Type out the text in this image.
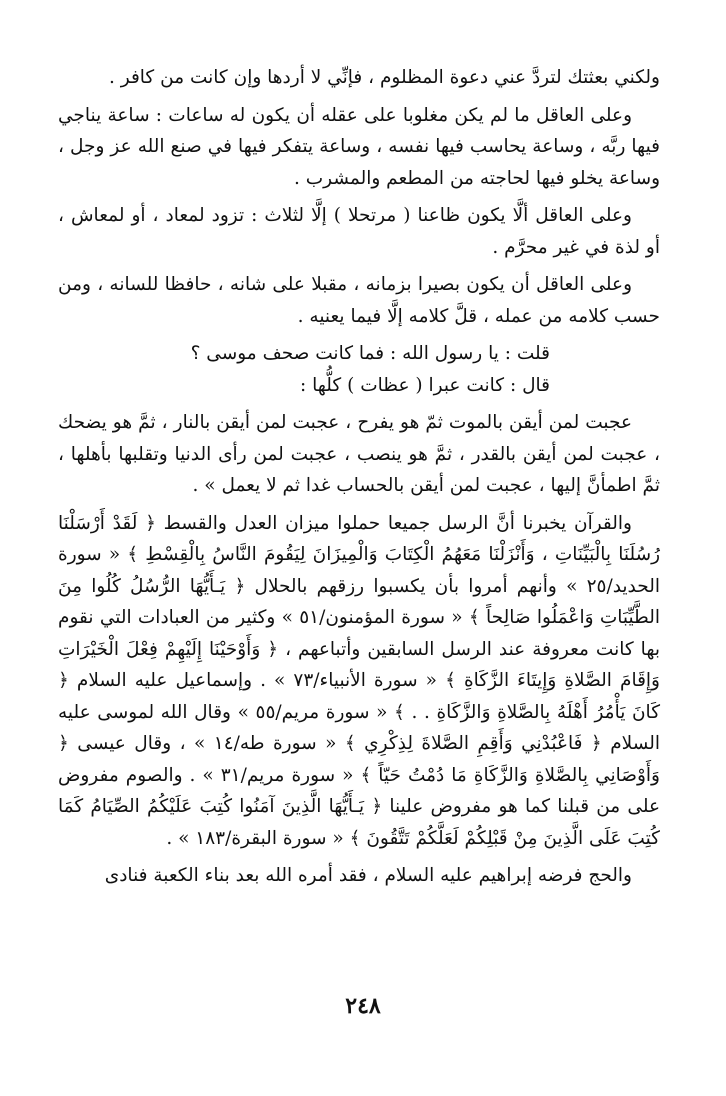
ولكني بعثتك لتردَّ عني دعوة المظلوم ، فإنِّي لا أردها وإن كانت من كافر .

وعلى العاقل ما لم يكن مغلوبا على عقله أن يكون له ساعات : ساعة يناجي فيها ربَّه ، وساعة يحاسب فيها نفسه ، وساعة يتفكر فيها في صنع الله عز وجل ، وساعة يخلو فيها لحاجته من المطعم والمشرب .

وعلى العاقل ألَّا يكون ظاعنا ( مرتحلا ) إلَّا لثلاث : تزود لمعاد ، أو لمعاش ، أو لذة في غير محرَّم .

وعلى العاقل أن يكون بصيرا بزمانه ، مقبلا على شانه ، حافظا للسانه ، ومن حسب كلامه من عمله ، قلَّ كلامه إلَّا فيما يعنيه .

قلت : يا رسول الله : فما كانت صحف موسى ؟

قال : كانت عبرا ( عظات ) كلُّها :

عجبت لمن أيقن بالموت ثمّ هو يفرح ، عجبت لمن أيقن بالنار ، ثمَّ هو يضحك ، عجبت لمن أيقن بالقدر ، ثمَّ هو ينصب ، عجبت لمن رأى الدنيا وتقلبها بأهلها ، ثمَّ اطمأنَّ إليها ، عجبت لمن أيقن بالحساب غدا ثم لا يعمل » .

والقرآن يخبرنا أنَّ الرسل جميعا حملوا ميزان العدل والقسط ﴿ لَقَدْ أَرْسَلْنَا رُسُلَنَا بِالْبَيِّنَاتِ ، وَأَنْزَلْنَا مَعَهُمُ الْكِتَابَ وَالْمِيزَانَ لِيَقُومَ النَّاسُ بِالْقِسْطِ ﴾ « سورة الحديد/٢٥ » وأنهم أمروا بأن يكسبوا رزقهم بالحلال ﴿ يَـأَيُّهَا الرُّسُلُ كُلُوا مِنَ الطَّيِّبَاتِ وَاعْمَلُوا صَالِحاً ﴾ « سورة المؤمنون/٥١ » وكثير من العبادات التي نقوم بها كانت معروفة عند الرسل السابقين وأتباعهم ، ﴿ وَأَوْحَيْنَا إِلَيْهِمْ فِعْلَ الْخَيْرَاتِ وَإِقَامَ الصَّلاةِ وَإِيتَاءَ الزَّكَاةِ ﴾ « سورة الأنبياء/٧٣ » . وإسماعيل عليه السلام ﴿ كَانَ يَأْمُرُ أَهْلَهُ بِالصَّلاةِ وَالزَّكَاةِ . . ﴾ « سورة مريم/٥٥ » وقال الله لموسى عليه السلام ﴿ فَاعْبُدْنِي وَأَقِمِ الصَّلاةَ لِذِكْرِي ﴾ « سورة طه/١٤ » ، وقال عيسى ﴿ وَأَوْصَانِي بِالصَّلاةِ وَالزَّكَاةِ مَا دُمْتُ حَيّاً ﴾ « سورة مريم/٣١ » . والصوم مفروض على من قبلنا كما هو مفروض علينا ﴿ يَـأَيُّهَا الَّذِينَ آمَنُوا كُتِبَ عَلَيْكُمُ الصِّيَامُ كَمَا كُتِبَ عَلَى الَّذِينَ مِنْ قَبْلِكُمْ لَعَلَّكُمْ تَتَّقُونَ ﴾ « سورة البقرة/١٨٣ » .

والحج فرضه إبراهيم عليه السلام ، فقد أمره الله بعد بناء الكعبة فنادى

٢٤٨
